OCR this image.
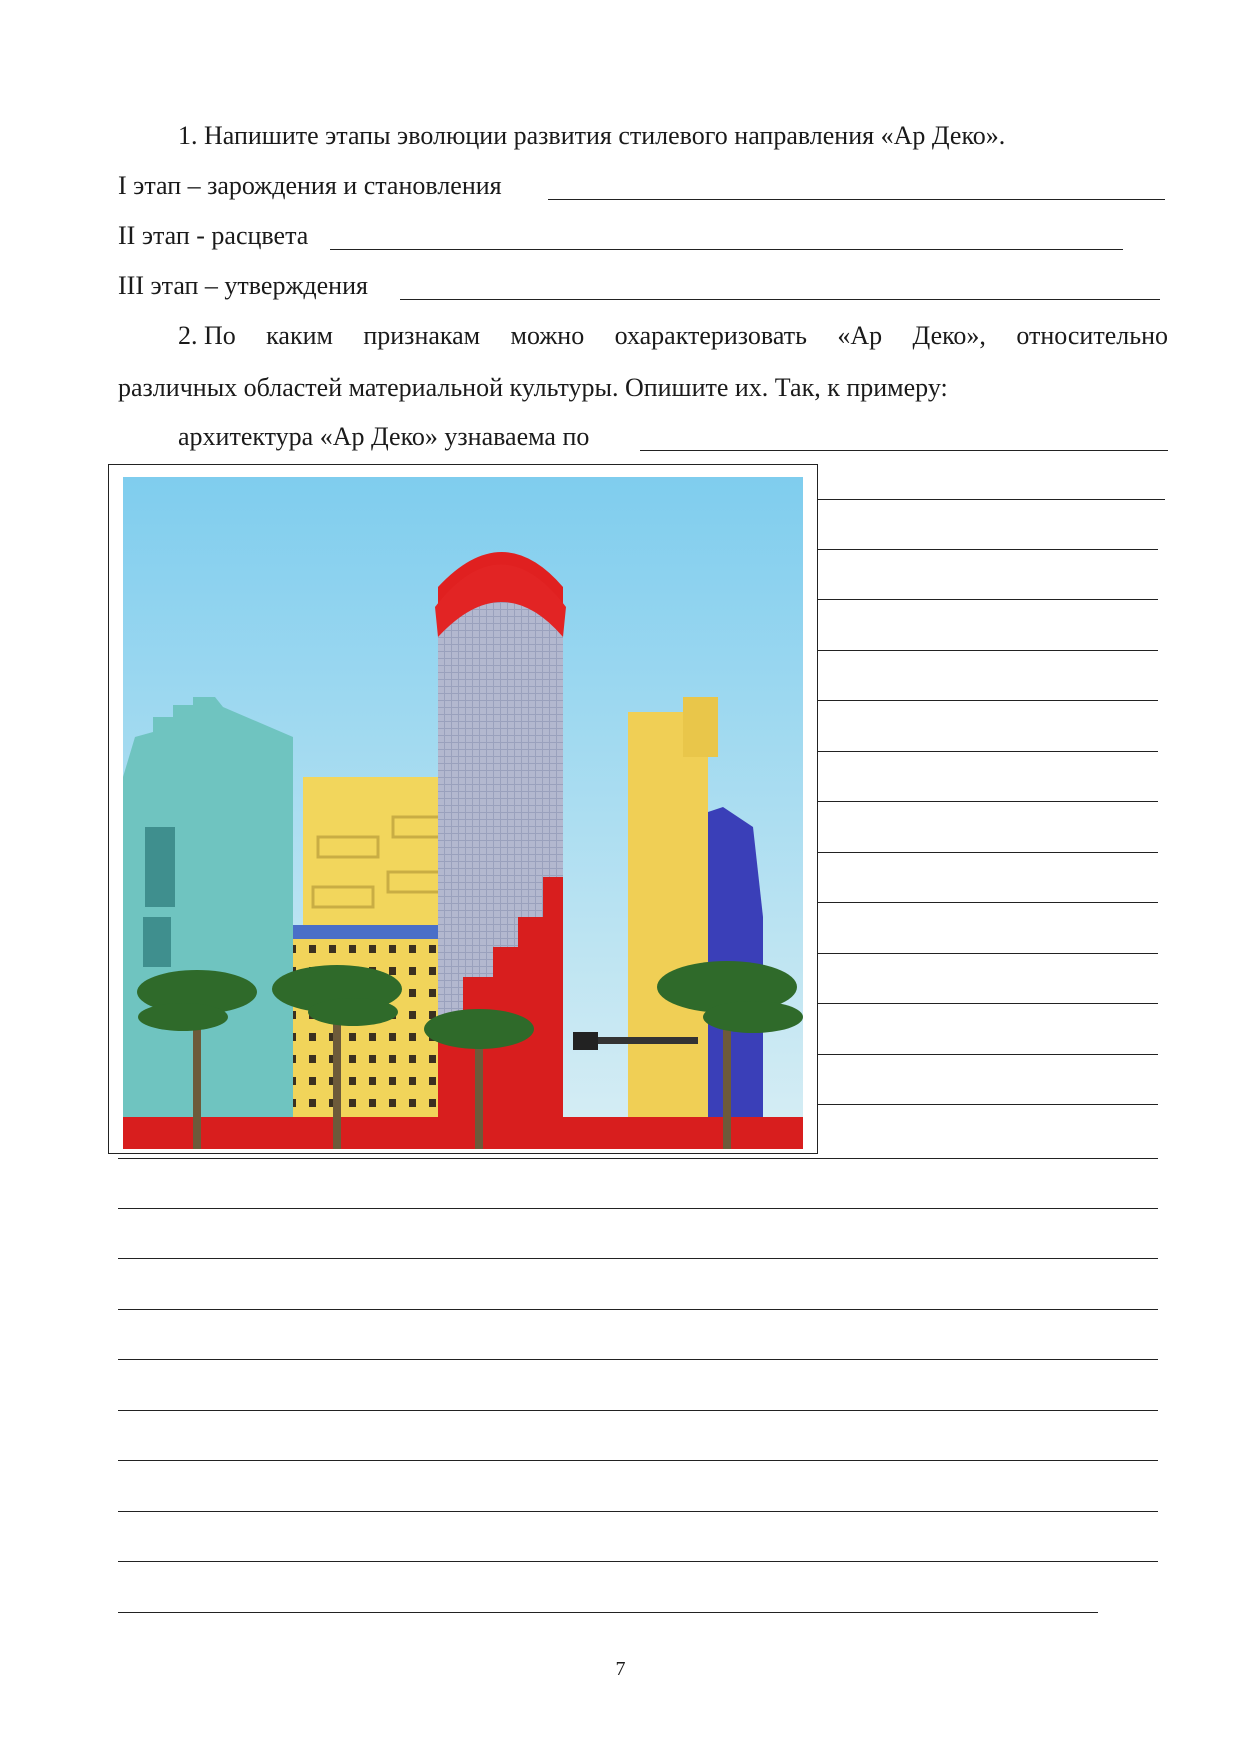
1. Напишите этапы эволюции развития стилевого направления «Ар Деко».
I этап – зарождения и становления
II этап - расцвета
III этап – утверждения
2. По каким признакам можно охарактеризовать «Ар Деко», относительно
различных областей материальной культуры. Опишите их. Так, к примеру:
архитектура «Ар Деко» узнаваема по
7
